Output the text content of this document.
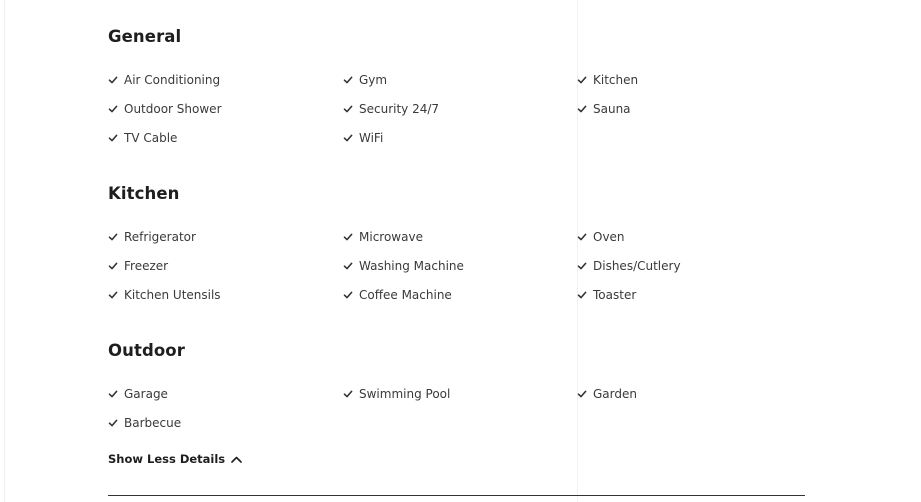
General
Air Conditioning	Gym	Kitchen
Outdoor Shower	Security 24/7	Sauna
TV Cable	WiFi
Kitchen
Refrigerator	Microwave	Oven
Freezer	Washing Machine	Dishes/Cutlery
Kitchen Utensils	Coffee Machine	Toaster
Outdoor
Garage	Swimming Pool	Garden
Barbecue
Show Less Details
